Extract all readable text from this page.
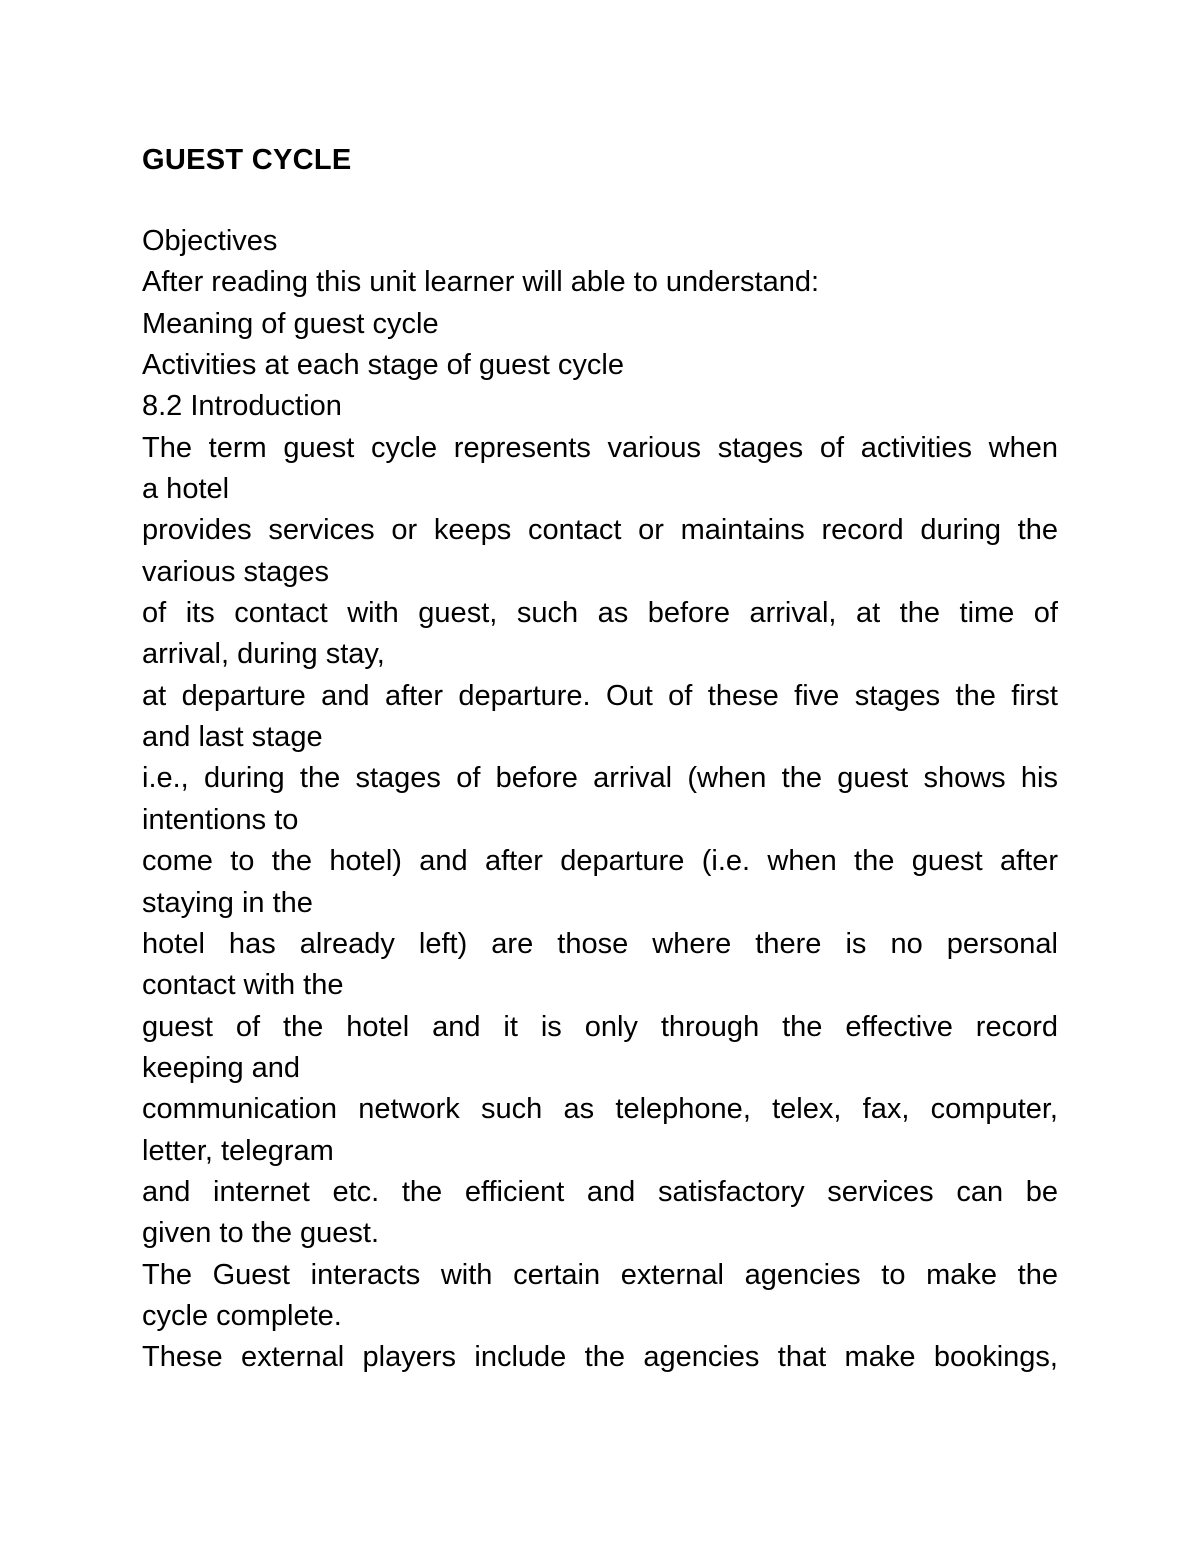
GUEST CYCLE
Objectives
After reading this unit learner will able to understand:
Meaning of guest cycle
Activities at each stage of guest cycle
8.2 Introduction
The term guest cycle represents various stages of activities when
a hotel
provides services or keeps contact or maintains record during the
various stages
of its contact with guest, such as before arrival, at the time of
arrival, during stay,
at departure and after departure. Out of these five stages the first
and last stage
i.e., during the stages of before arrival (when the guest shows his
intentions to
come to the hotel) and after departure (i.e. when the guest after
staying in the
hotel has already left) are those where there is no personal
contact with the
guest of the hotel and it is only through the effective record
keeping and
communication network such as telephone, telex, fax, computer,
letter, telegram
and internet etc. the efficient and satisfactory services can be
given to the guest.
The Guest interacts with certain external agencies to make the
cycle complete.
These external players include the agencies that make bookings,
